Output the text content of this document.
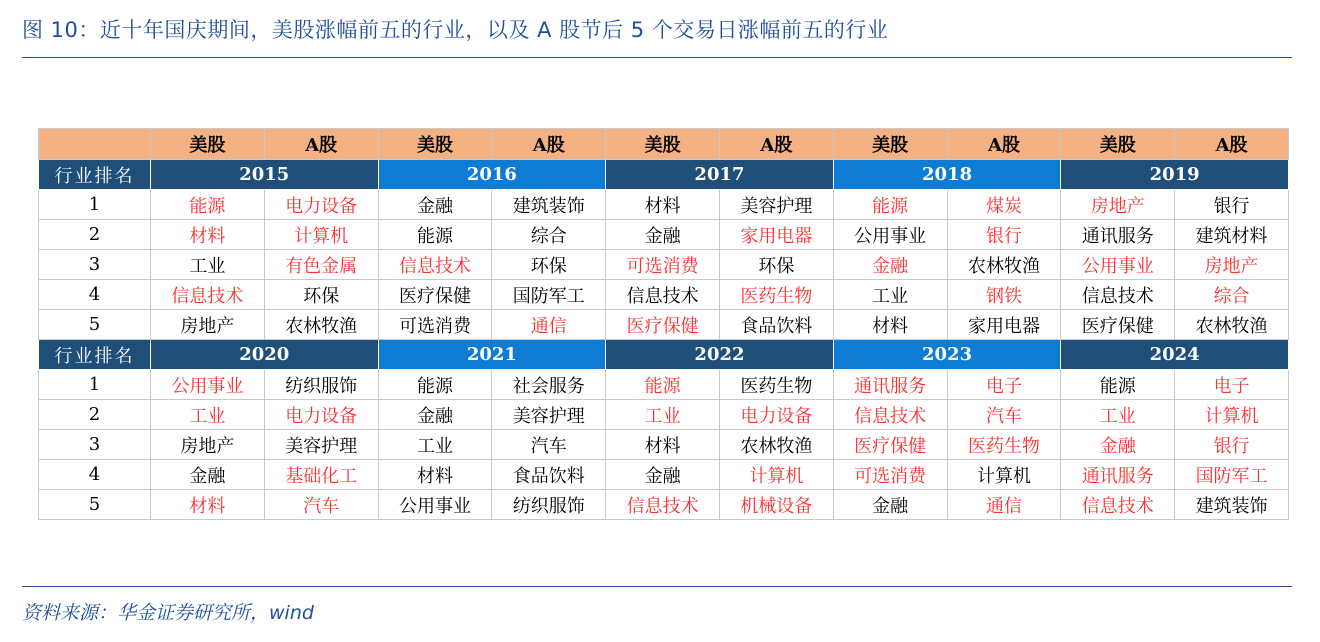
图 10：近十年国庆期间，美股涨幅前五的行业，以及 A 股节后 5 个交易日涨幅前五的行业
	美股	A股	美股	A股	美股	A股	美股	A股	美股	A股
行业排名	2015		2016		2017		2018		2019	
1	能源	电力设备	金融	建筑装饰	材料	美容护理	能源	煤炭	房地产	银行
2	材料	计算机	能源	综合	金融	家用电器	公用事业	银行	通讯服务	建筑材料
3	工业	有色金属	信息技术	环保	可选消费	环保	金融	农林牧渔	公用事业	房地产
4	信息技术	环保	医疗保健	国防军工	信息技术	医药生物	工业	钢铁	信息技术	综合
5	房地产	农林牧渔	可选消费	通信	医疗保健	食品饮料	材料	家用电器	医疗保健	农林牧渔
行业排名	2020		2021		2022		2023		2024	
1	公用事业	纺织服饰	能源	社会服务	能源	医药生物	通讯服务	电子	能源	电子
2	工业	电力设备	金融	美容护理	工业	电力设备	信息技术	汽车	工业	计算机
3	房地产	美容护理	工业	汽车	材料	农林牧渔	医疗保健	医药生物	金融	银行
4	金融	基础化工	材料	食品饮料	金融	计算机	可选消费	计算机	通讯服务	国防军工
5	材料	汽车	公用事业	纺织服饰	信息技术	机械设备	金融	通信	信息技术	建筑装饰
资料来源：华金证券研究所，wind
